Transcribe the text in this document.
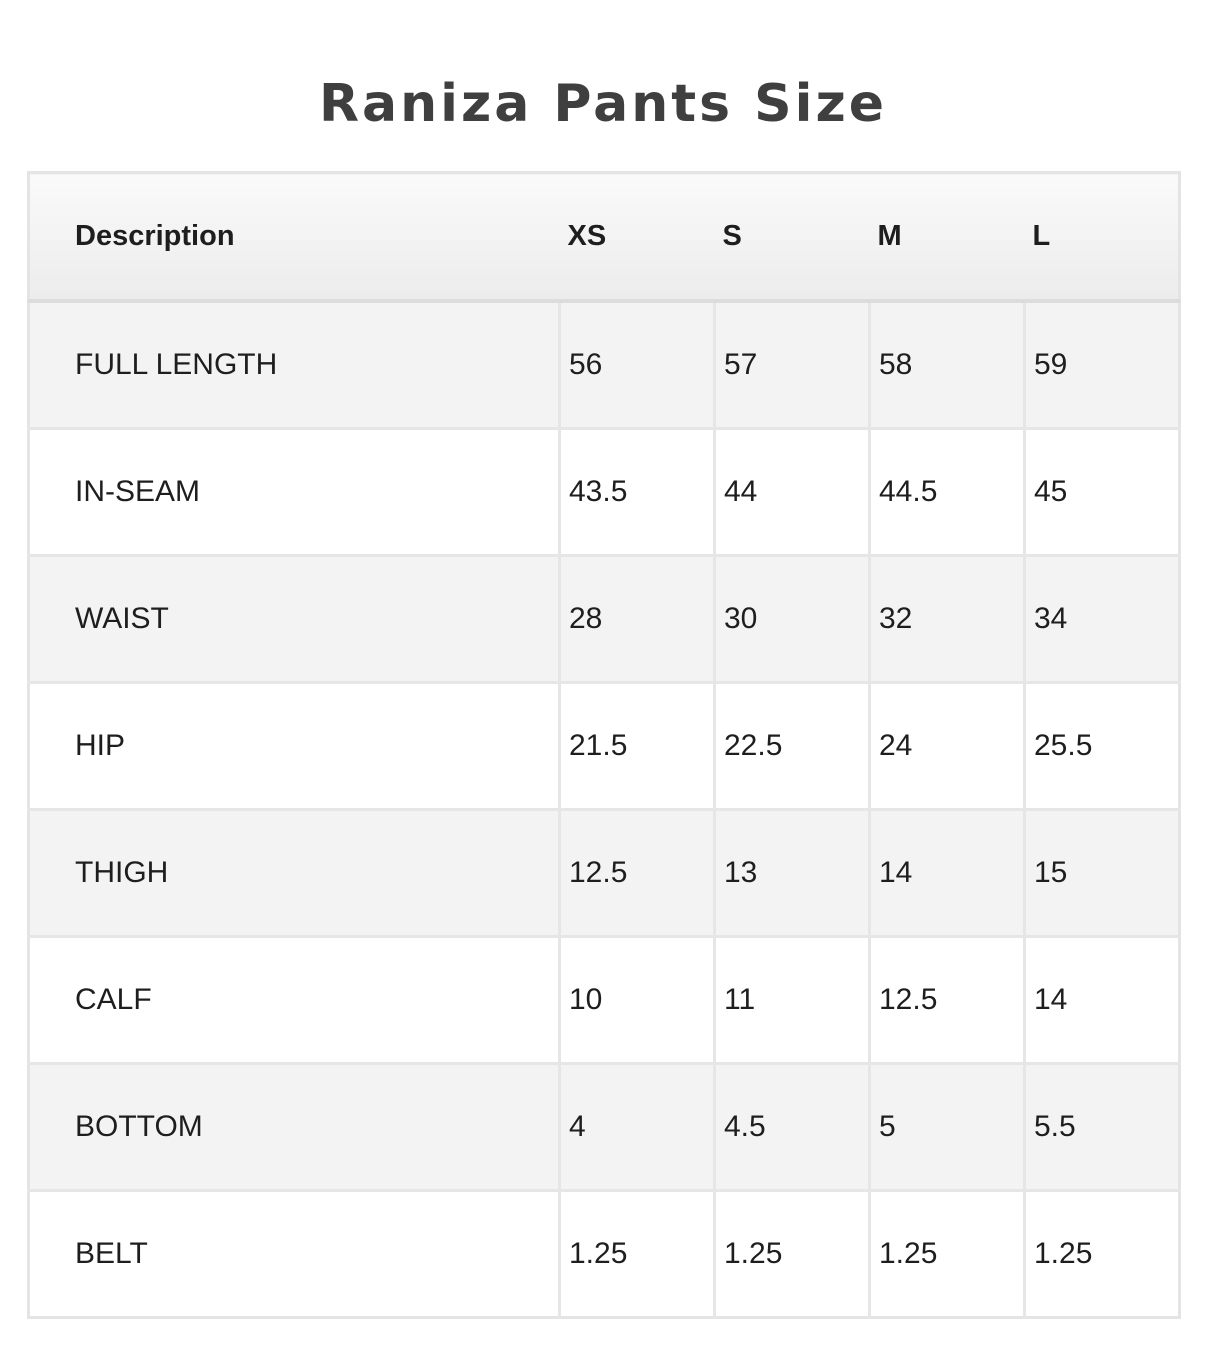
Raniza Pants Size
Description	XS	S	M	L
FULL LENGTH	56	57	58	59
IN-SEAM	43.5	44	44.5	45
WAIST	28	30	32	34
HIP	21.5	22.5	24	25.5
THIGH	12.5	13	14	15
CALF	10	11	12.5	14
BOTTOM	4	4.5	5	5.5
BELT	1.25	1.25	1.25	1.25
